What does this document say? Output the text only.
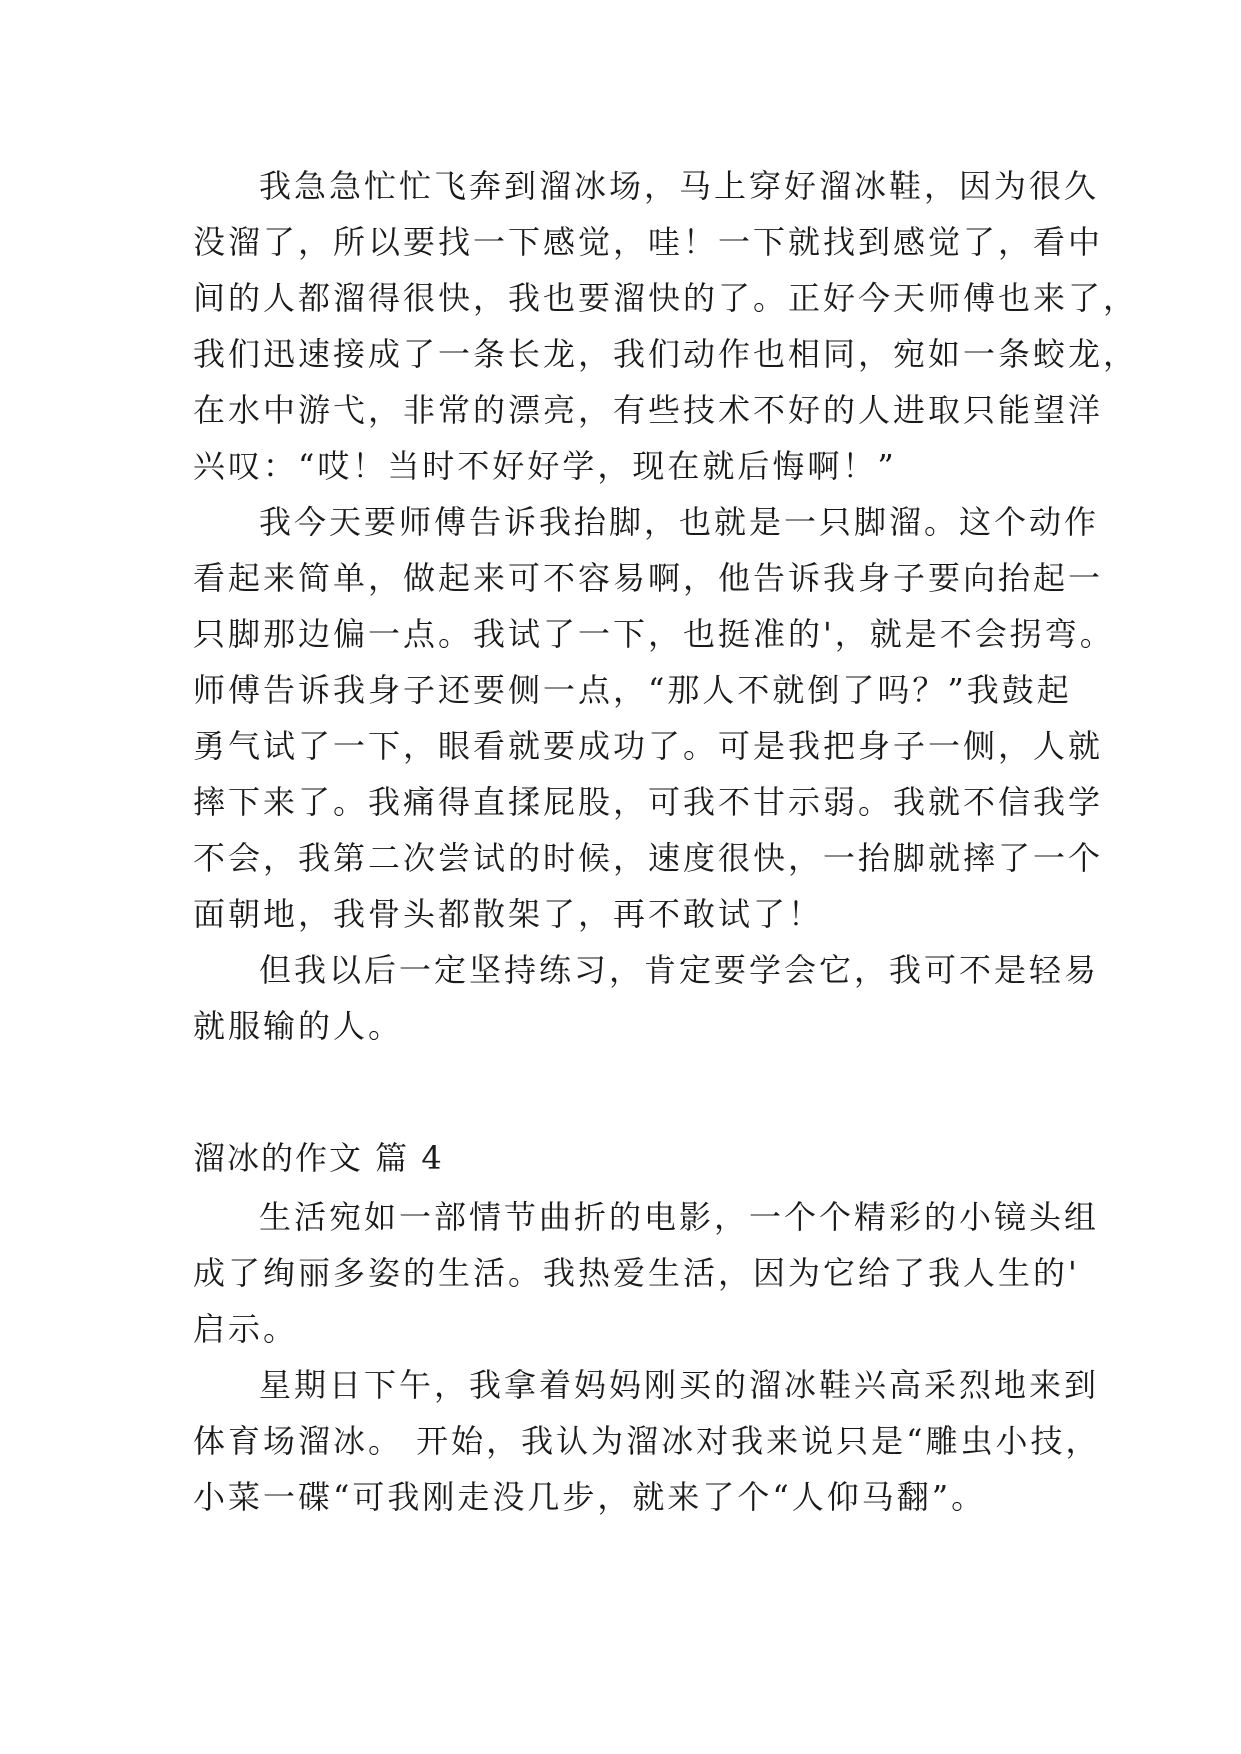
我急急忙忙飞奔到溜冰场，马上穿好溜冰鞋，因为很久
没溜了，所以要找一下感觉，哇！一下就找到感觉了，看中
间的人都溜得很快，我也要溜快的了。正好今天师傅也来了，
我们迅速接成了一条长龙，我们动作也相同，宛如一条蛟龙，
在水中游弋，非常的漂亮，有些技术不好的人进取只能望洋
兴叹：“哎！当时不好好学，现在就后悔啊！”
我今天要师傅告诉我抬脚，也就是一只脚溜。这个动作
看起来简单，做起来可不容易啊，他告诉我身子要向抬起一
只脚那边偏一点。我试了一下，也挺准的'，就是不会拐弯。
师傅告诉我身子还要侧一点，“那人不就倒了吗？”我鼓起
勇气试了一下，眼看就要成功了。可是我把身子一侧，人就
摔下来了。我痛得直揉屁股，可我不甘示弱。我就不信我学
不会，我第二次尝试的时候，速度很快，一抬脚就摔了一个
面朝地，我骨头都散架了，再不敢试了！
但我以后一定坚持练习，肯定要学会它，我可不是轻易
就服输的人。
溜冰的作文 篇 4
生活宛如一部情节曲折的电影，一个个精彩的小镜头组
成了绚丽多姿的生活。我热爱生活，因为它给了我人生的'
启示。
星期日下午，我拿着妈妈刚买的溜冰鞋兴高采烈地来到
体育场溜冰。 开始，我认为溜冰对我来说只是“雕虫小技，
小菜一碟“可我刚走没几步，就来了个“人仰马翻”。
